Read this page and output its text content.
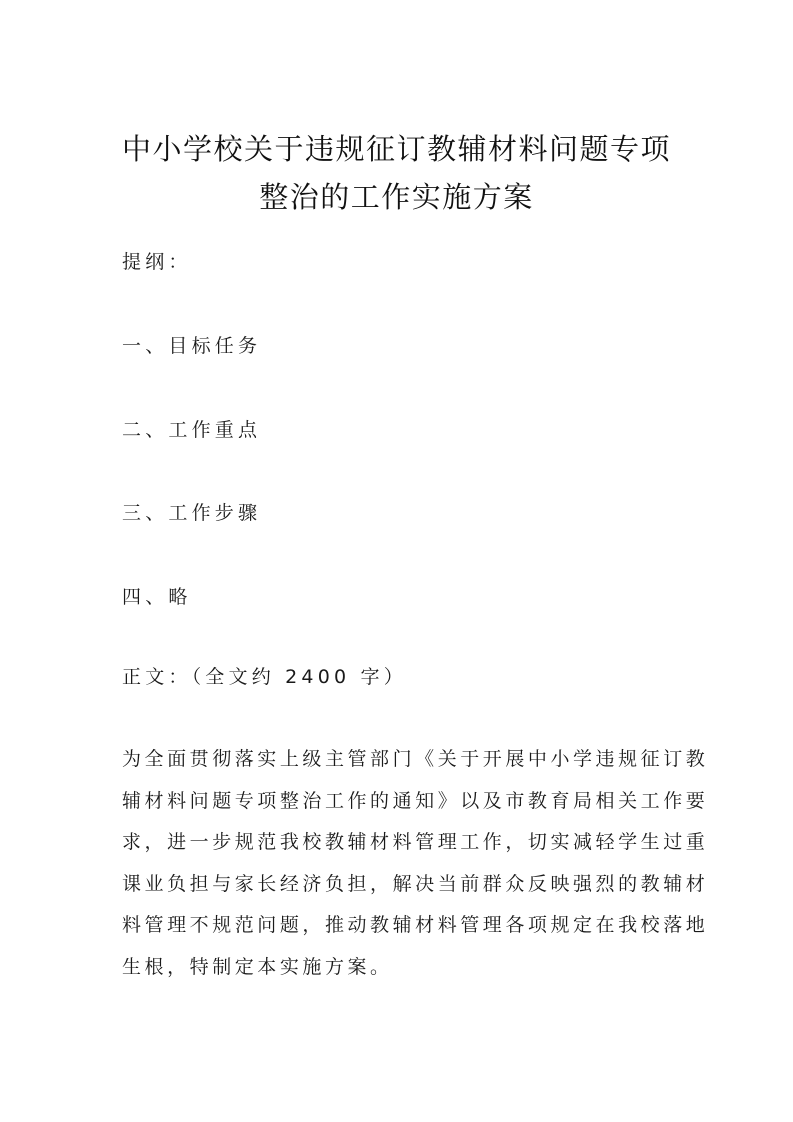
中小学校关于违规征订教辅材料问题专项
整治的工作实施方案
提纲：
一、目标任务
二、工作重点
三、工作步骤
四、略
正文：（全文约 2400 字）
为全面贯彻落实上级主管部门《关于开展中小学违规征订教
辅材料问题专项整治工作的通知》以及市教育局相关工作要
求，进一步规范我校教辅材料管理工作，切实减轻学生过重
课业负担与家长经济负担，解决当前群众反映强烈的教辅材
料管理不规范问题，推动教辅材料管理各项规定在我校落地
生根，特制定本实施方案。
